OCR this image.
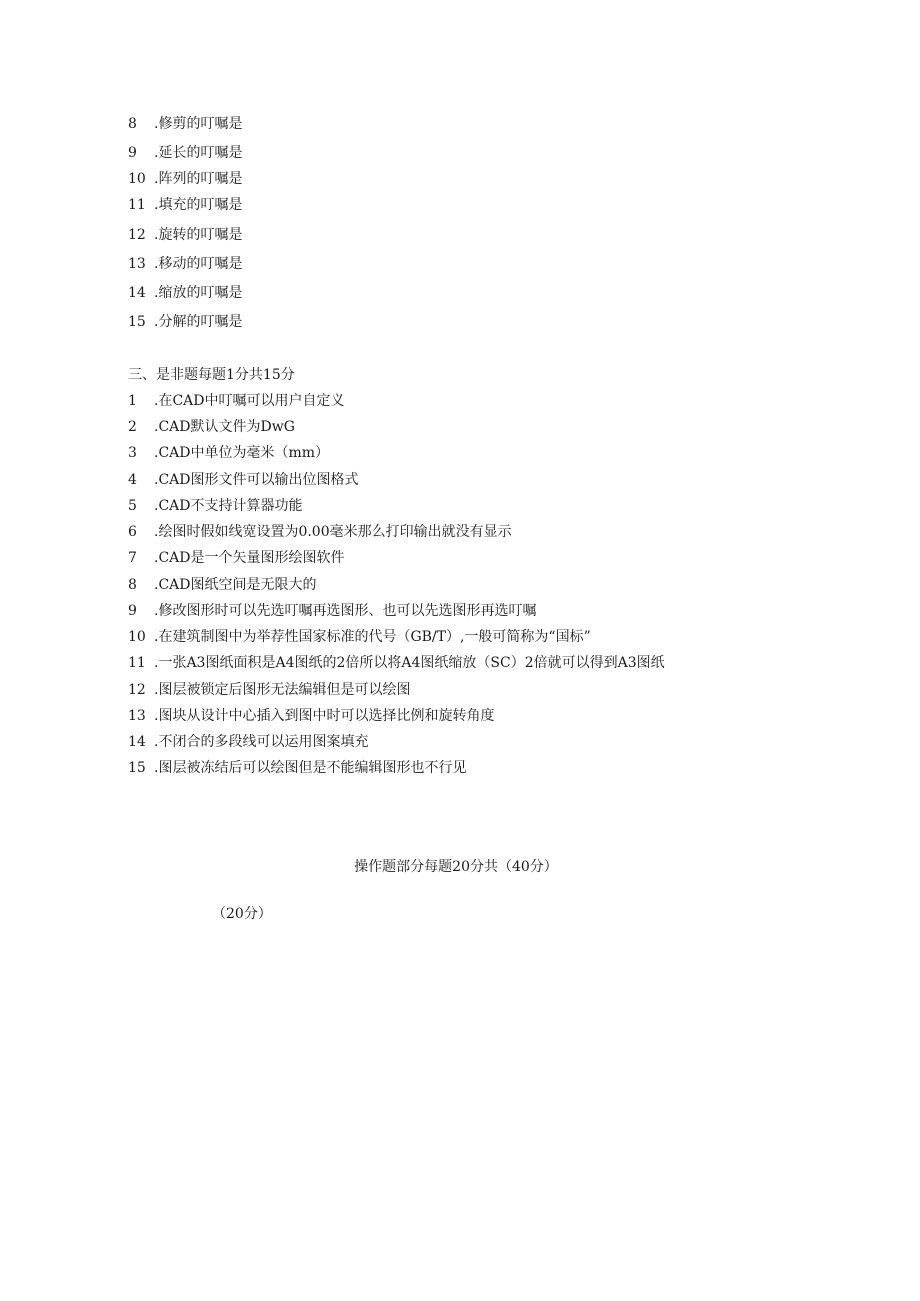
8 .修剪的叮嘱是
9 .延长的叮嘱是
10 .阵列的叮嘱是
11 .填充的叮嘱是
12 .旋转的叮嘱是
13 .移动的叮嘱是
14 .缩放的叮嘱是
15 .分解的叮嘱是
三、是非题每题1分共15分
1 .在CAD中叮嘱可以用户自定义
2 .CAD默认文件为DwG
3 .CAD中单位为毫米（mm）
4 .CAD图形文件可以输出位图格式
5 .CAD不支持计算器功能
6 .绘图时假如线宽设置为0.00毫米那么打印输出就没有显示
7 .CAD是一个矢量图形绘图软件
8 .CAD图纸空间是无限大的
9 .修改图形时可以先选叮嘱再选图形、也可以先选图形再选叮嘱
10 .在建筑制图中为举荐性国家标准的代号（GB/T）,一般可简称为“国标”
11 .一张A3图纸面积是A4图纸的2倍所以将A4图纸缩放（SC）2倍就可以得到A3图纸
12 .图层被锁定后图形无法编辑但是可以绘图
13 .图块从设计中心插入到图中时可以选择比例和旋转角度
14 .不闭合的多段线可以运用图案填充
15 .图层被冻结后可以绘图但是不能编辑图形也不行见
操作题部分每题20分共（40分）
（20分）
